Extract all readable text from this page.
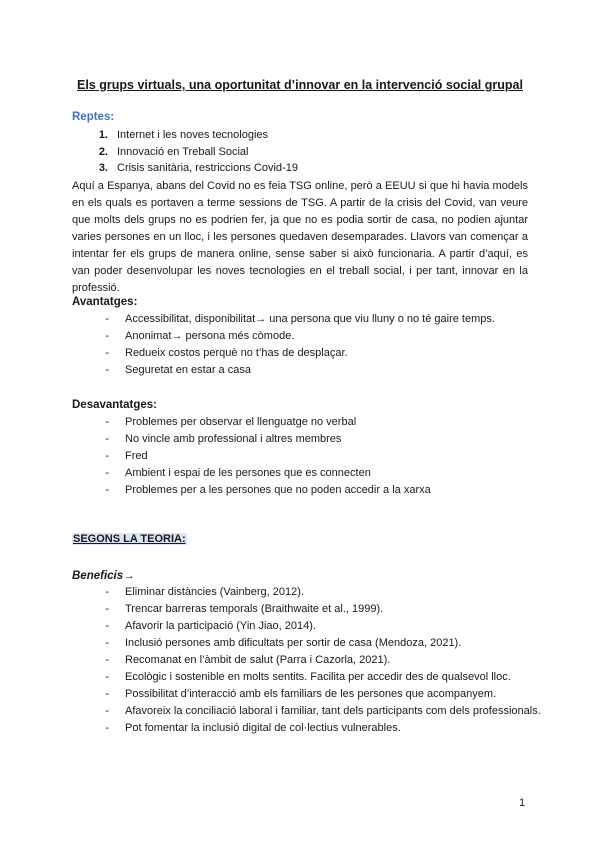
Els grups virtuals, una oportunitat d’innovar en la intervenció social grupal
Reptes:
1. Internet i les noves tecnologies
2. Innovació en Treball Social
3. Crisis sanitària, restriccions Covid-19

Aquí a Espanya, abans del Covid no es feia TSG online, però a EEUU si que hi havia models en els quals es portaven a terme sessions de TSG. A partir de la crisis del Covid, van veure que molts dels grups no es podrien fer, ja que no es podia sortir de casa, no podien ajuntar varies persones en un lloc, i les persones quedaven desemparades. Llavors van començar a intentar fer els grups de manera online, sense saber si això funcionaria. A partir d’aquí, es van poder desenvolupar les noves tecnologies en el treball social, i per tant, innovar en la professió.

Avantatges:
- Accessibilitat, disponibilitat→ una persona que viu lluny o no té gaire temps.
- Anonimat→ persona més còmode.
- Redueix costos perquè no t’has de desplaçar.
- Seguretat en estar a casa
Desavantatges:
- Problemes per observar el llenguatge no verbal
- No vincle amb professional i altres membres
- Fred
- Ambient i espai de les persones que es connecten
- Problemes per a les persones que no poden accedir a la xarxa
SEGONS LA TEORIA:
Beneficis→
- Eliminar distàncies (Vainberg, 2012).
- Trencar barreras temporals (Braithwaite et al., 1999).
- Afavorir la participació (Yin Jiao, 2014).
- Inclusió persones amb dificultats per sortir de casa (Mendoza, 2021).
- Recomanat en l’àmbit de salut (Parra i Cazorla, 2021).
- Ecològic i sostenible en molts sentits. Facilita per accedir des de qualsevol lloc.
- Possibilitat d’interacció amb els familiars de les persones que acompanyem.
- Afavoreix la conciliació laboral i familiar, tant dels participants com dels professionals.
- Pot fomentar la inclusió digital de col·lectius vulnerables.
1
